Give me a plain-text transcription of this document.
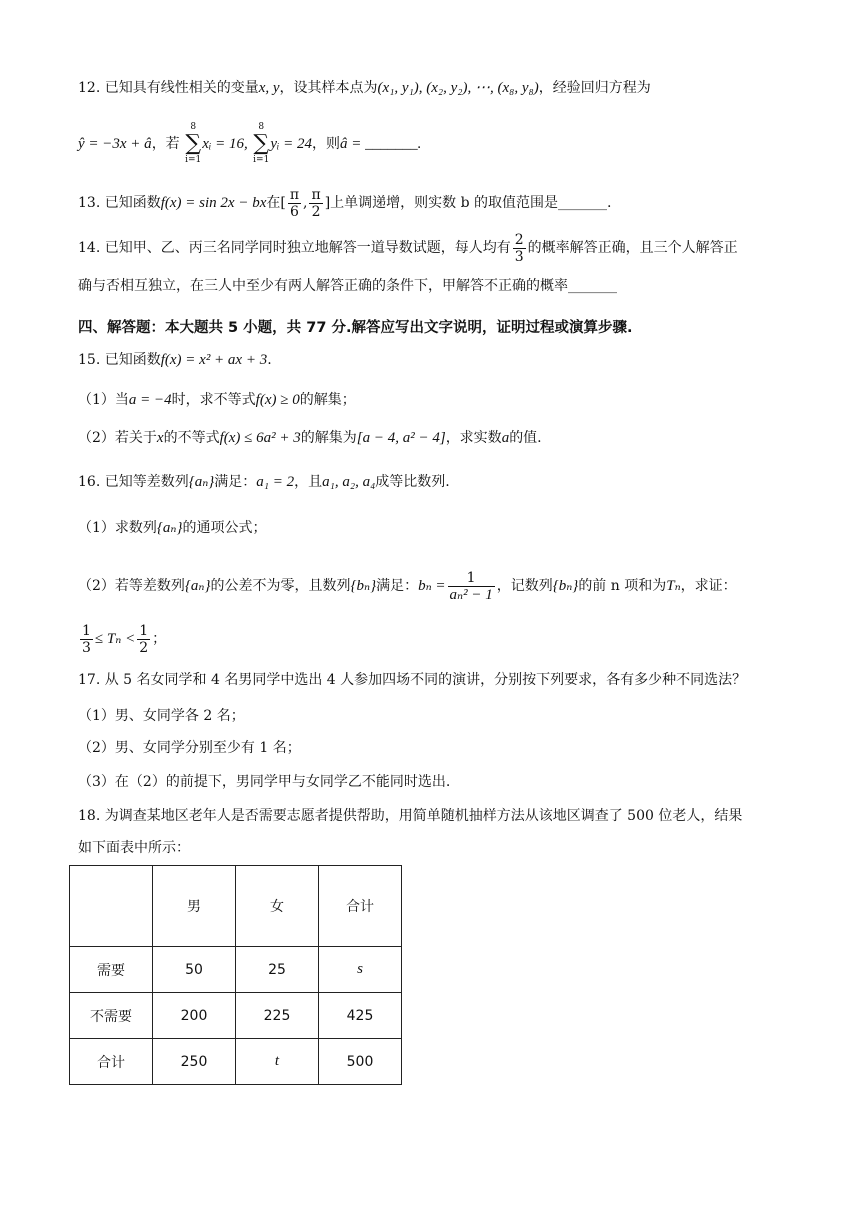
12. 已知具有线性相关的变量x, y，设其样本点为(x₁, y₁), (x₂, y₂), ⋯, (x₈, y₈)，经验回归方程为
ŷ = −3x + â，若 8
∑
i=1xᵢ = 16, 8
∑
i=1yᵢ = 24，则â = _______.
13. 已知函数f(x) = sin 2x − bx在[ $\frac{\pi}{6}$ , $\frac{\pi}{2}$ ]上单调递增，则实数 b 的取值范围是_______.
14. 已知甲、乙、丙三名同学同时独立地解答一道导数试题，每人均有 $\frac{2}{3}$ 的概率解答正确，且三个人解答正
确与否相互独立，在三人中至少有两人解答正确的条件下，甲解答不正确的概率_______
四、解答题：本大题共 5 小题，共 77 分.解答应写出文字说明，证明过程或演算步骤.
15. 已知函数f(x) = x² + ax + 3.
（1）当a = −4时，求不等式f(x) ≥ 0的解集；
（2）若关于x的不等式f(x) ≤ 6a² + 3的解集为[a − 4, a² − 4]，求实数a的值.
16. 已知等差数列{aₙ}满足：a₁ = 2，且a₁, a₂, a₄成等比数列.
（1）求数列{aₙ}的通项公式；
（2）若等差数列{aₙ}的公差不为零，且数列{bₙ}满足：$b_n = \frac{1}{\text{aₙ² − 1}}$ ，记数列{bₙ}的前 n 项和为Tₙ，求证：
$\frac{1}{3} \le T_n < \frac{1}{2}$ ；
17. 从 5 名女同学和 4 名男同学中选出 4 人参加四场不同的演讲，分别按下列要求，各有多少种不同选法？
（1）男、女同学各 2 名；
（2）男、女同学分别至少有 1 名；
（3）在（2）的前提下，男同学甲与女同学乙不能同时选出.
18. 为调查某地区老年人是否需要志愿者提供帮助，用简单随机抽样方法从该地区调查了 500 位老人，结果
如下面表中所示：
	男	女	合计
需要	50	25	s
不需要	200	225	425
合计	250	t	500
